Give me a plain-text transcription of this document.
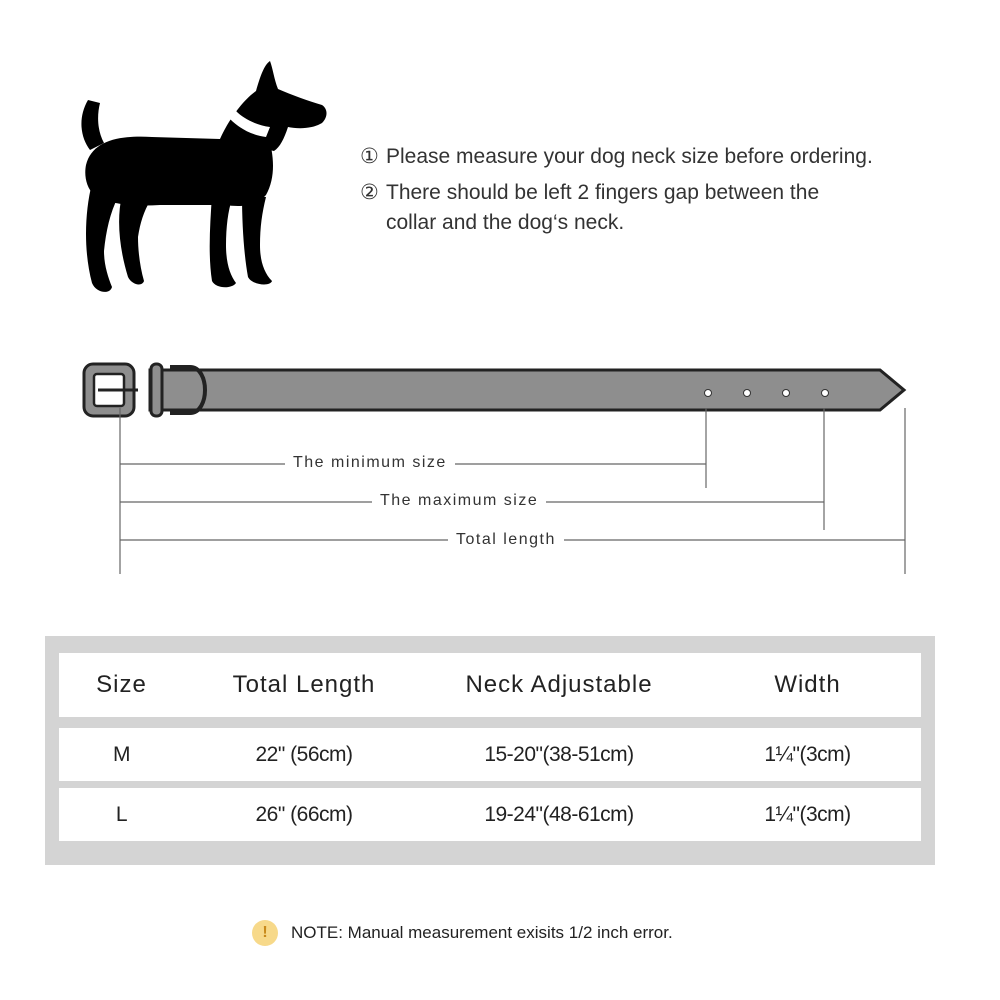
① Please measure your dog neck size before ordering.
② There should be left 2 fingers gap between the
collar and the dog‘s neck.
The minimum size
The maximum size
Total length
Size	Total Length	Neck Adjustable	Width
M	22" (56cm)	15-20"(38-51cm)	1¼"(3cm)
L	26" (66cm)	19-24"(48-61cm)	1¼"(3cm)
!	NOTE: Manual measurement exisits 1/2 inch error.
